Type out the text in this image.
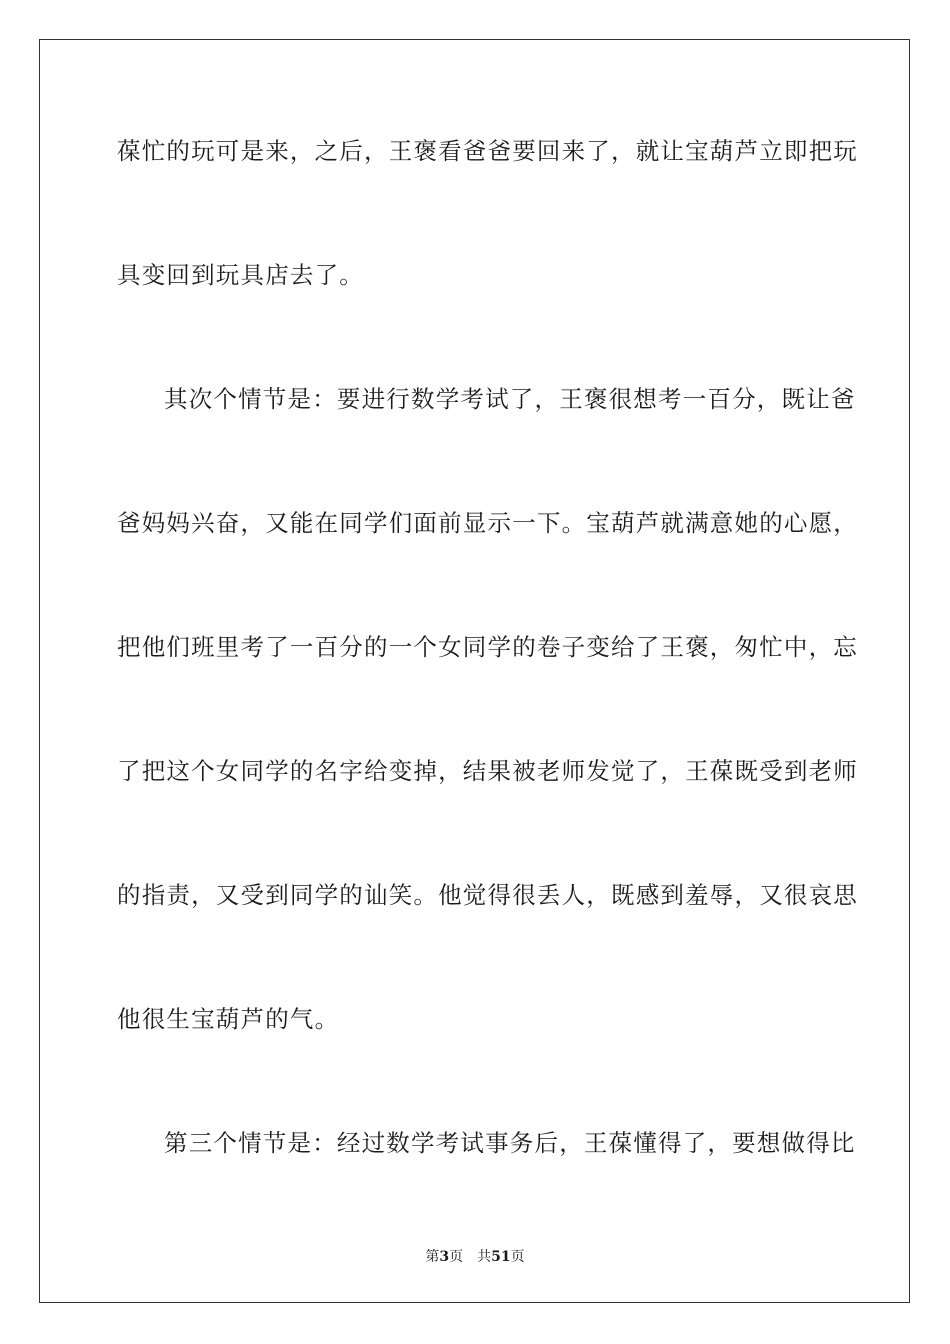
葆忙的玩可是来，之后，王褒看爸爸要回来了，就让宝葫芦立即把玩
具变回到玩具店去了。
其次个情节是：要进行数学考试了，王褒很想考一百分，既让爸
爸妈妈兴奋，又能在同学们面前显示一下。宝葫芦就满意她的心愿，
把他们班里考了一百分的一个女同学的卷子变给了王褒，匆忙中，忘
了把这个女同学的名字给变掉，结果被老师发觉了，王葆既受到老师
的指责，又受到同学的讪笑。他觉得很丢人，既感到羞辱，又很哀思
他很生宝葫芦的气。
第三个情节是：经过数学考试事务后，王葆懂得了，要想做得比
第3页 共51页
